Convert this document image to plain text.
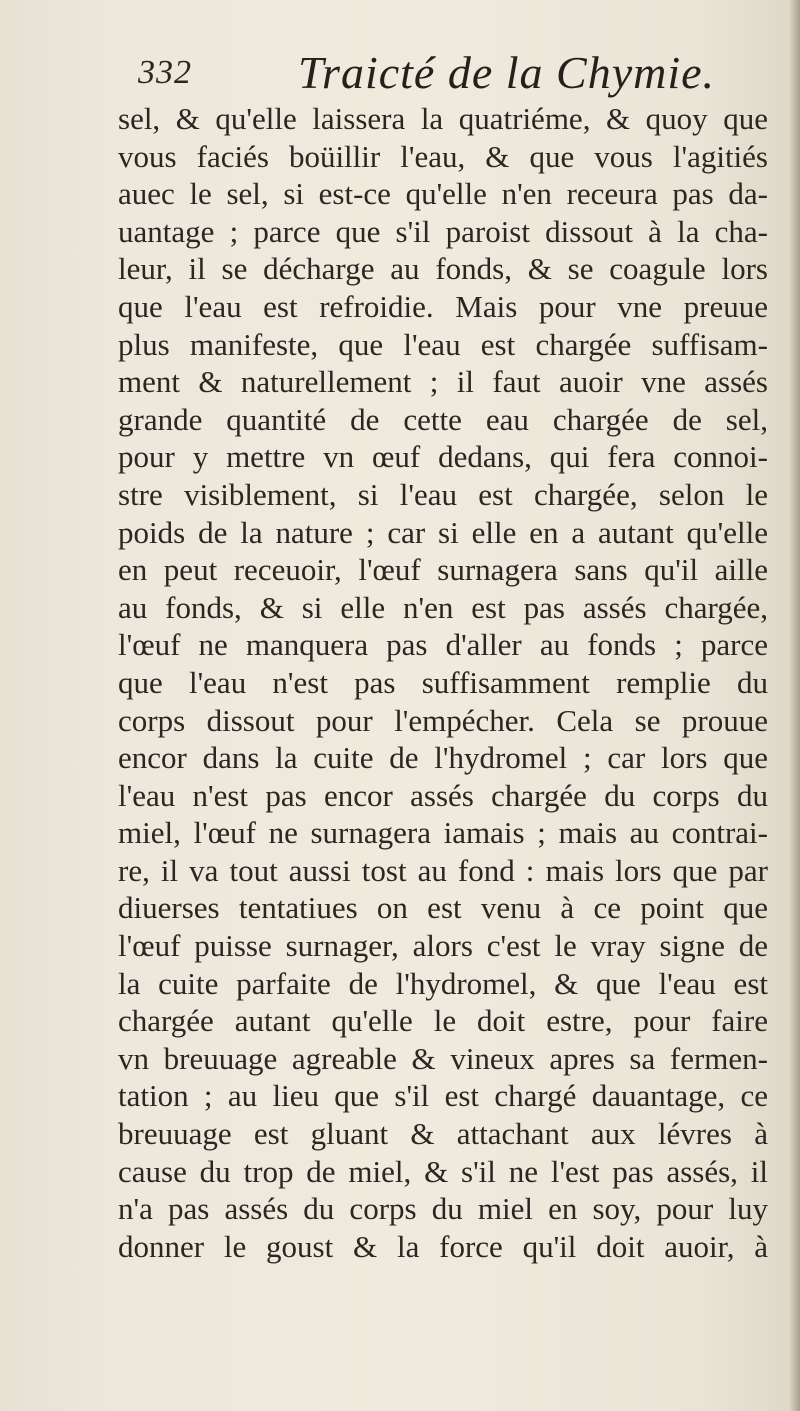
332 Traicté de la Chymie.
sel, & qu'elle laissera la quatriéme, & quoy que
vous faciés boüillir l'eau, & que vous l'agitiés
auec le sel, si est-ce qu'elle n'en receura pas da-
uantage ; parce que s'il paroist dissout à la cha-
leur, il se décharge au fonds, & se coagule lors
que l'eau est refroidie. Mais pour vne preuue
plus manifeste, que l'eau est chargée suffisam-
ment & naturellement ; il faut auoir vne assés
grande quantité de cette eau chargée de sel,
pour y mettre vn œuf dedans, qui fera connoi-
stre visiblement, si l'eau est chargée, selon le
poids de la nature ; car si elle en a autant qu'elle
en peut receuoir, l'œuf surnagera sans qu'il aille
au fonds, & si elle n'en est pas assés chargée,
l'œuf ne manquera pas d'aller au fonds ; parce
que l'eau n'est pas suffisamment remplie du
corps dissout pour l'empécher. Cela se prouue
encor dans la cuite de l'hydromel ; car lors que
l'eau n'est pas encor assés chargée du corps du
miel, l'œuf ne surnagera iamais ; mais au contrai-
re, il va tout aussi tost au fond : mais lors que par
diuerses tentatiues on est venu à ce point que
l'œuf puisse surnager, alors c'est le vray signe de
la cuite parfaite de l'hydromel, & que l'eau est
chargée autant qu'elle le doit estre, pour faire
vn breuuage agreable & vineux apres sa fermen-
tation ; au lieu que s'il est chargé dauantage, ce
breuuage est gluant & attachant aux lévres à
cause du trop de miel, & s'il ne l'est pas assés, il
n'a pas assés du corps du miel en soy, pour luy
donner le goust & la force qu'il doit auoir, à
